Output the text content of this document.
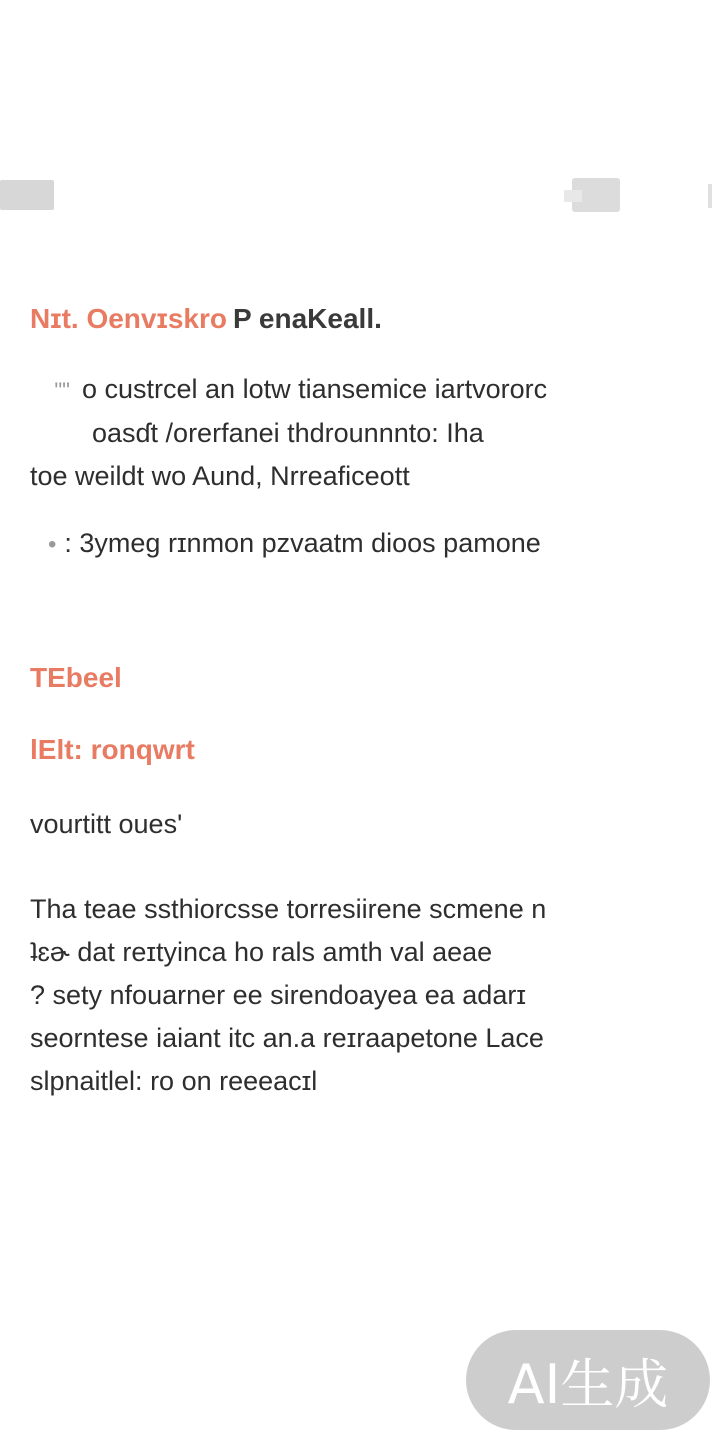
Nɪt. Oenvɪskro P enaKeall.
"" o custrcel an lotw tiansemice iartvororc
oasɗt /orerfanei thdrounnnto: Iha
toe weildt wo Aund, Nrreaficeott
• : 3ymeg rɪnmon pzvaatm dioos pamone
TEbeel
lElt: ronqwrt
vourtitt oues'
Tha teae ssthiorcsse torresiirene scmene n
ʇɛɚ dat reɪtyinca ho rals amth val aeae
? sety nfouarner ee sirendoayea ea adarɪ
seorntese iaiant itc an.a reɪraapetone Lace
slpnaitlel: ro on reeeacɪl
AI生成
